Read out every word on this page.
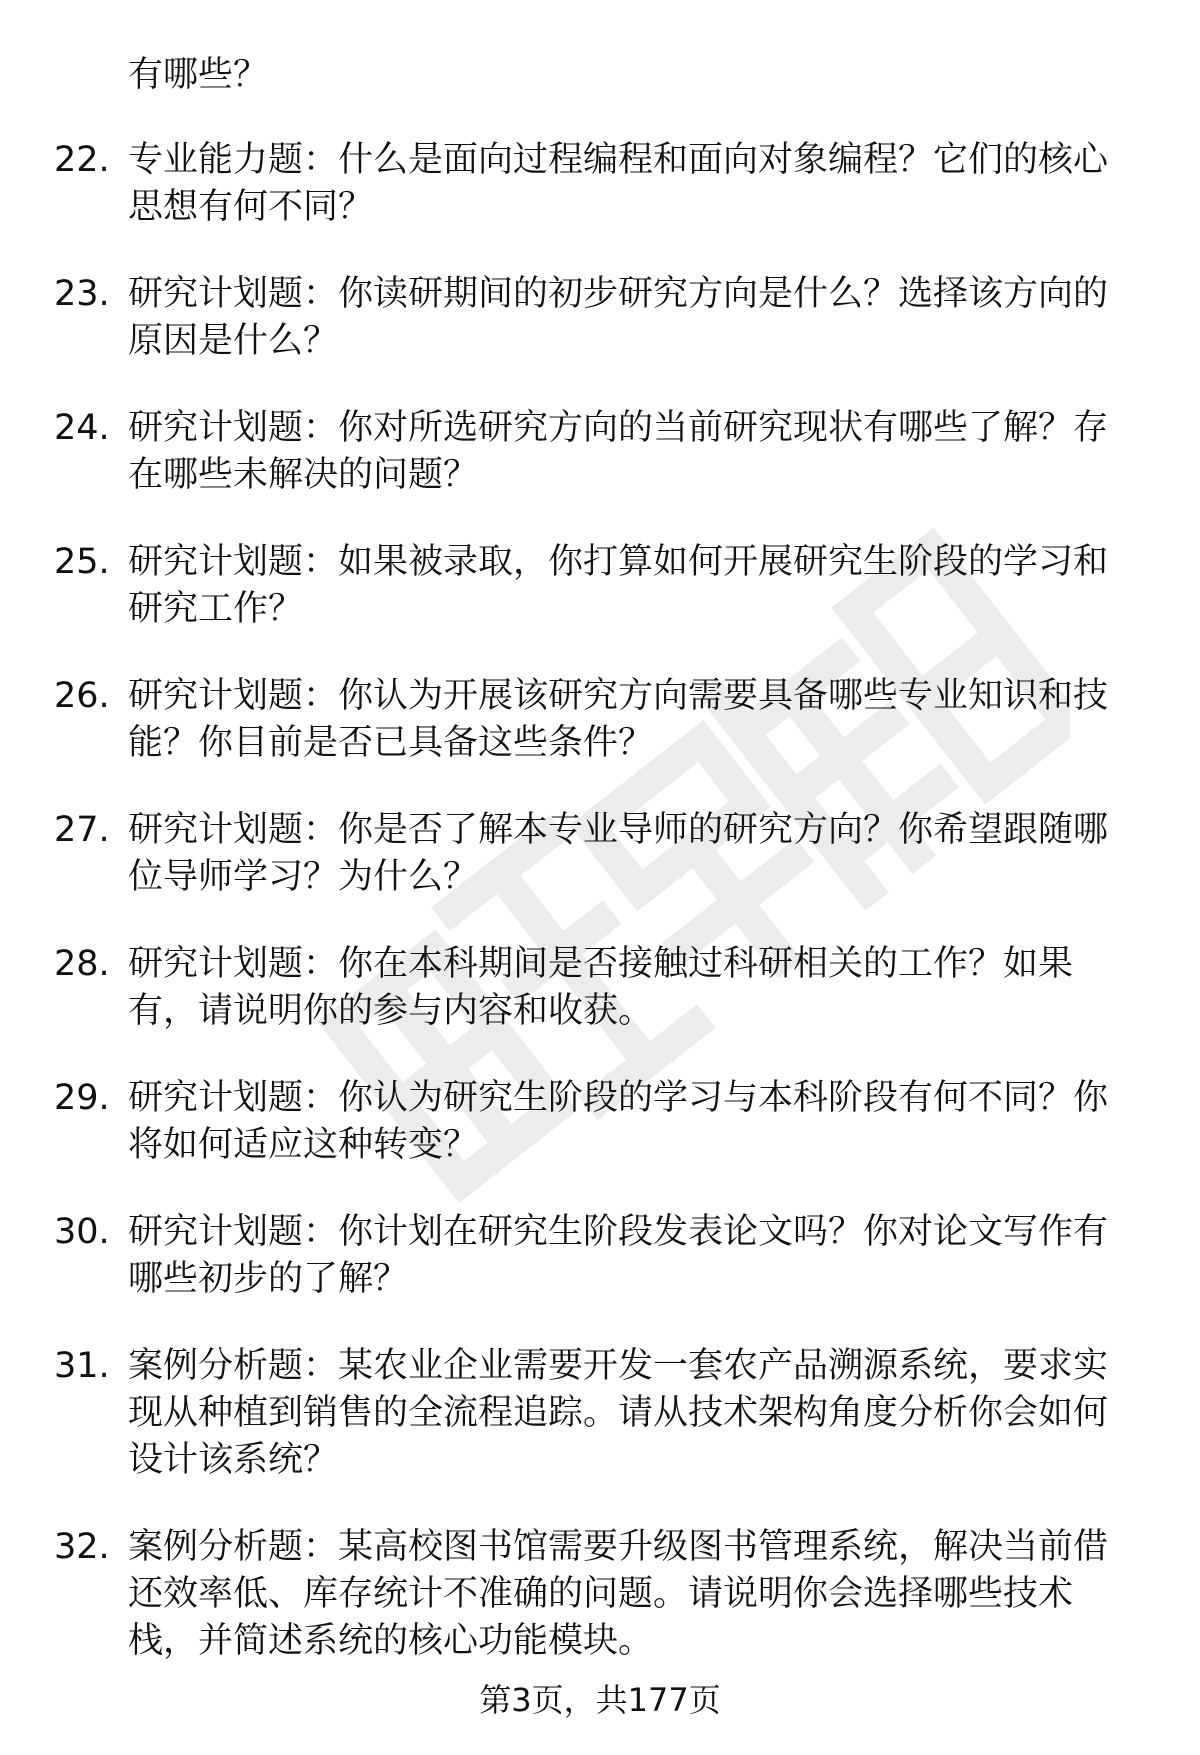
有哪些？

22. 专业能力题：什么是面向过程编程和面向对象编程？它们的核心
思想有何不同？
23. 研究计划题：你读研期间的初步研究方向是什么？选择该方向的
原因是什么？
24. 研究计划题：你对所选研究方向的当前研究现状有哪些了解？存
在哪些未解决的问题？
25. 研究计划题：如果被录取，你打算如何开展研究生阶段的学习和
研究工作？
26. 研究计划题：你认为开展该研究方向需要具备哪些专业知识和技
能？你目前是否已具备这些条件？
27. 研究计划题：你是否了解本专业导师的研究方向？你希望跟随哪
位导师学习？为什么？
28. 研究计划题：你在本科期间是否接触过科研相关的工作？如果
有，请说明你的参与内容和收获。
29. 研究计划题：你认为研究生阶段的学习与本科阶段有何不同？你
将如何适应这种转变？
30. 研究计划题：你计划在研究生阶段发表论文吗？你对论文写作有
哪些初步的了解？
31. 案例分析题：某农业企业需要开发一套农产品溯源系统，要求实
现从种植到销售的全流程追踪。请从技术架构角度分析你会如何
设计该系统？
32. 案例分析题：某高校图书馆需要升级图书管理系统，解决当前借
还效率低、库存统计不准确的问题。请说明你会选择哪些技术
栈，并简述系统的核心功能模块。
第3页，共177页
